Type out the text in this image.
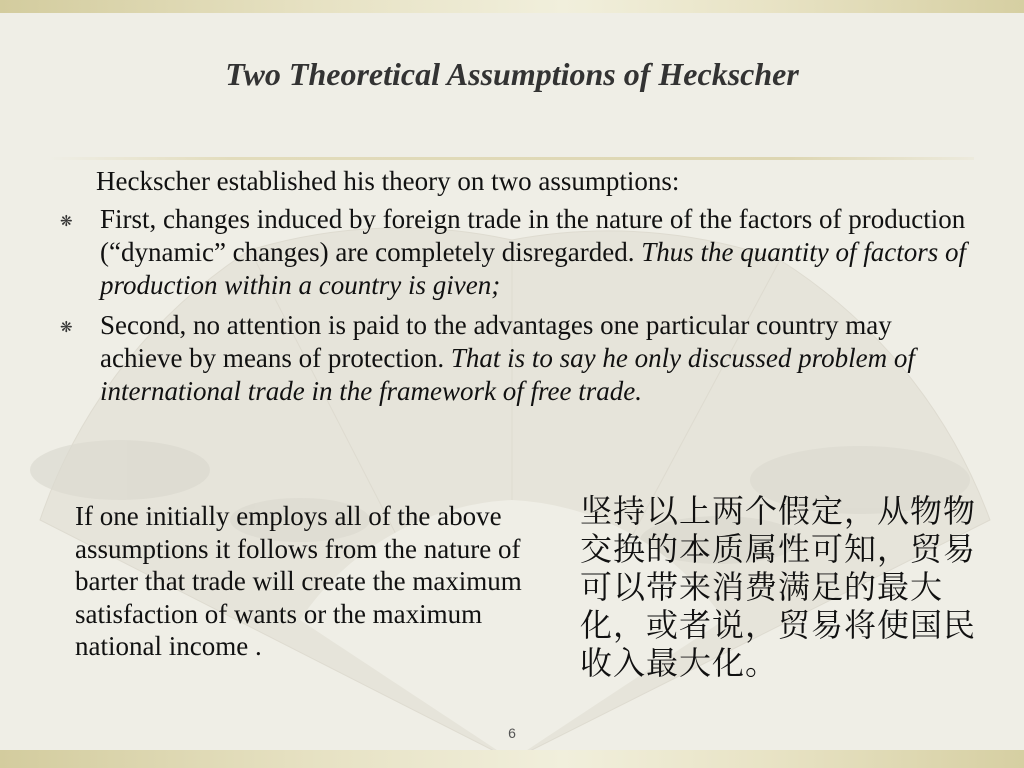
Two Theoretical Assumptions of Heckscher
Heckscher established his theory on two assumptions:
❋ First, changes induced by foreign trade in the nature of the factors of production (“dynamic” changes) are completely disregarded. Thus the quantity of factors of production within a country is given;
❋ Second, no attention is paid to the advantages one particular country may achieve by means of protection. That is to say he only discussed problem of international trade in the framework of free trade.
If one initially employs all of the above assumptions it follows from the nature of barter that trade will create the maximum satisfaction of wants or the maximum national income .
坚持以上两个假定，从物物交换的本质属性可知，贸易可以带来消费满足的最大化，或者说，贸易将使国民收入最大化。
6
